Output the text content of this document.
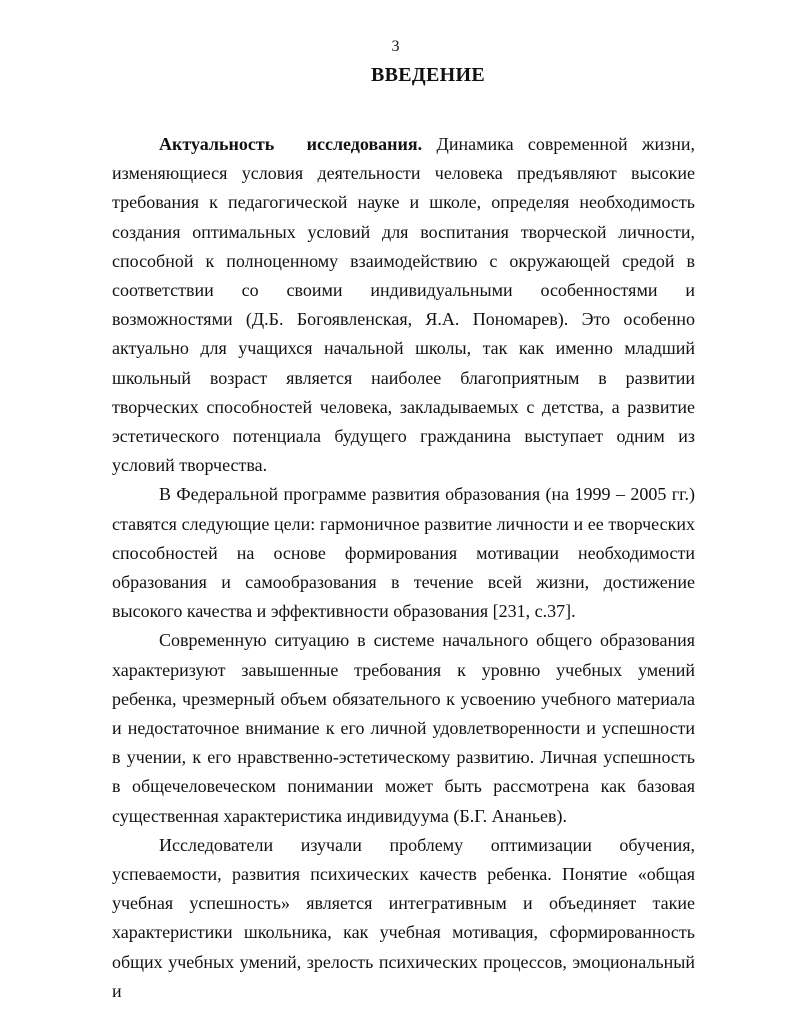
3

ВВЕДЕНИЕ

Актуальность исследования. Динамика современной жизни, изменяющиеся условия деятельности человека предъявляют высокие требования к педагогической науке и школе, определяя необходимость создания оптимальных условий для воспитания творческой личности, способной к полноценному взаимодействию с окружающей средой в соответствии со своими индивидуальными особенностями и возможностями (Д.Б. Богоявленская, Я.А. Пономарев). Это особенно актуально для учащихся начальной школы, так как именно младший школьный возраст является наиболее благоприятным в развитии творческих способностей человека, закладываемых с детства, а развитие эстетического потенциала будущего гражданина выступает одним из условий творчества.

В Федеральной программе развития образования (на 1999 – 2005 гг.) ставятся следующие цели: гармоничное развитие личности и ее творческих способностей на основе формирования мотивации необходимости образования и самообразования в течение всей жизни, достижение высокого качества и эффективности образования [231, с.37].

Современную ситуацию в системе начального общего образования характеризуют завышенные требования к уровню учебных умений ребенка, чрезмерный объем обязательного к усвоению учебного материала и недостаточное внимание к его личной удовлетворенности и успешности в учении, к его нравственно-эстетическому развитию. Личная успешность в общечеловеческом понимании может быть рассмотрена как базовая существенная характеристика индивидуума (Б.Г. Ананьев).

Исследователи изучали проблему оптимизации обучения, успеваемости, развития психических качеств ребенка. Понятие «общая учебная успешность» является интегративным и объединяет такие характеристики школьника, как учебная мотивация, сформированность общих учебных умений, зрелость психических процессов, эмоциональный и
